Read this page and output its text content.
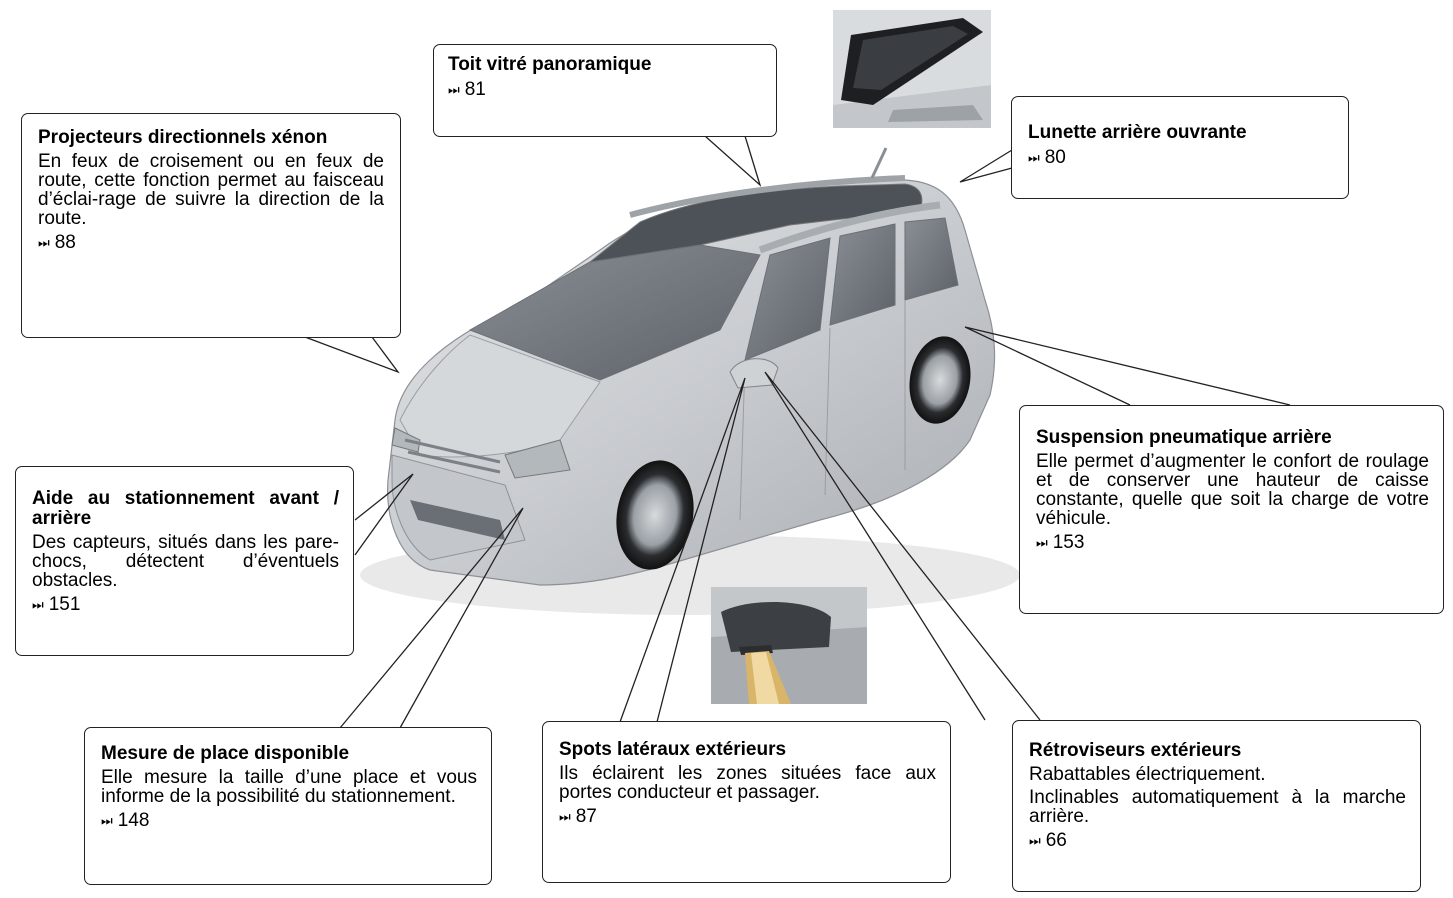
Toit vitré panoramique
⏭ 81
Projecteurs directionnels xénon

En feux de croisement ou en feux de route, cette fonction permet au faisceau d’éclai-rage de suivre la direction de la route.

⏭ 88
Lunette arrière ouvrante
⏭ 80
Suspension pneumatique arrière

Elle permet d’augmenter le confort de roulage et de conserver une hauteur de caisse constante, quelle que soit la charge de votre véhicule.

⏭ 153
Aide au stationnement avant / arrière

Des capteurs, situés dans les pare-chocs, détectent d’éventuels obstacles.

⏭ 151
Mesure de place disponible

Elle mesure la taille d’une place et vous informe de la possibilité du stationnement.

⏭ 148
Spots latéraux extérieurs

Ils éclairent les zones situées face aux portes conducteur et passager.

⏭ 87
Rétroviseurs extérieurs

Rabattables électriquement.

Inclinables automatiquement à la marche arrière.

⏭ 66
